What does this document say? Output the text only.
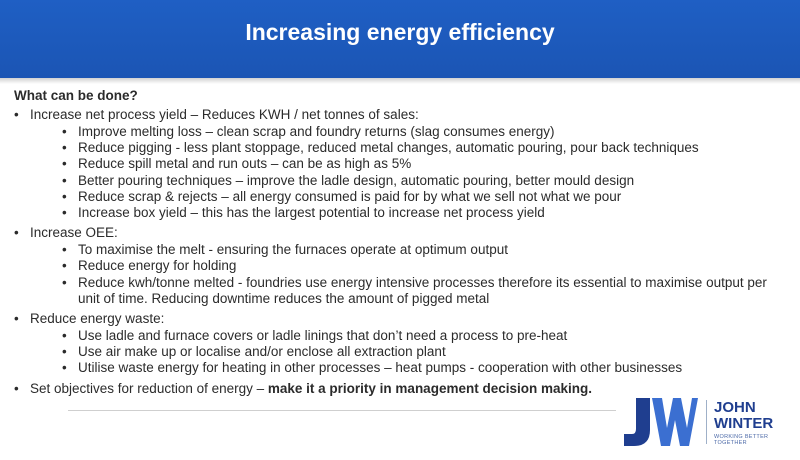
Increasing energy efficiency
What can be done?
• Increase net process yield – Reduces KWH / net tonnes of sales:
• Improve melting loss – clean scrap and foundry returns (slag consumes energy)
• Reduce pigging - less plant stoppage, reduced metal changes, automatic pouring, pour back techniques
• Reduce spill metal and run outs – can be as high as 5%
• Better pouring techniques – improve the ladle design, automatic pouring, better mould design
• Reduce scrap & rejects – all energy consumed is paid for by what we sell not what we pour
• Increase box yield – this has the largest potential to increase net process yield
• Increase OEE:
• To maximise the melt - ensuring the furnaces operate at optimum output
• Reduce energy for holding
• Reduce kwh/tonne melted - foundries use energy intensive processes therefore its essential to maximise output per unit of time. Reducing downtime reduces the amount of pigged metal
• Reduce energy waste:
• Use ladle and furnace covers or ladle linings that don’t need a process to pre-heat
• Use air make up or localise and/or enclose all extraction plant
• Utilise waste energy for heating in other processes – heat pumps - cooperation with other businesses
• Set objectives for reduction of energy – make it a priority in management decision making.
JOHN
WINTER
WORKING BETTER TOGETHER
